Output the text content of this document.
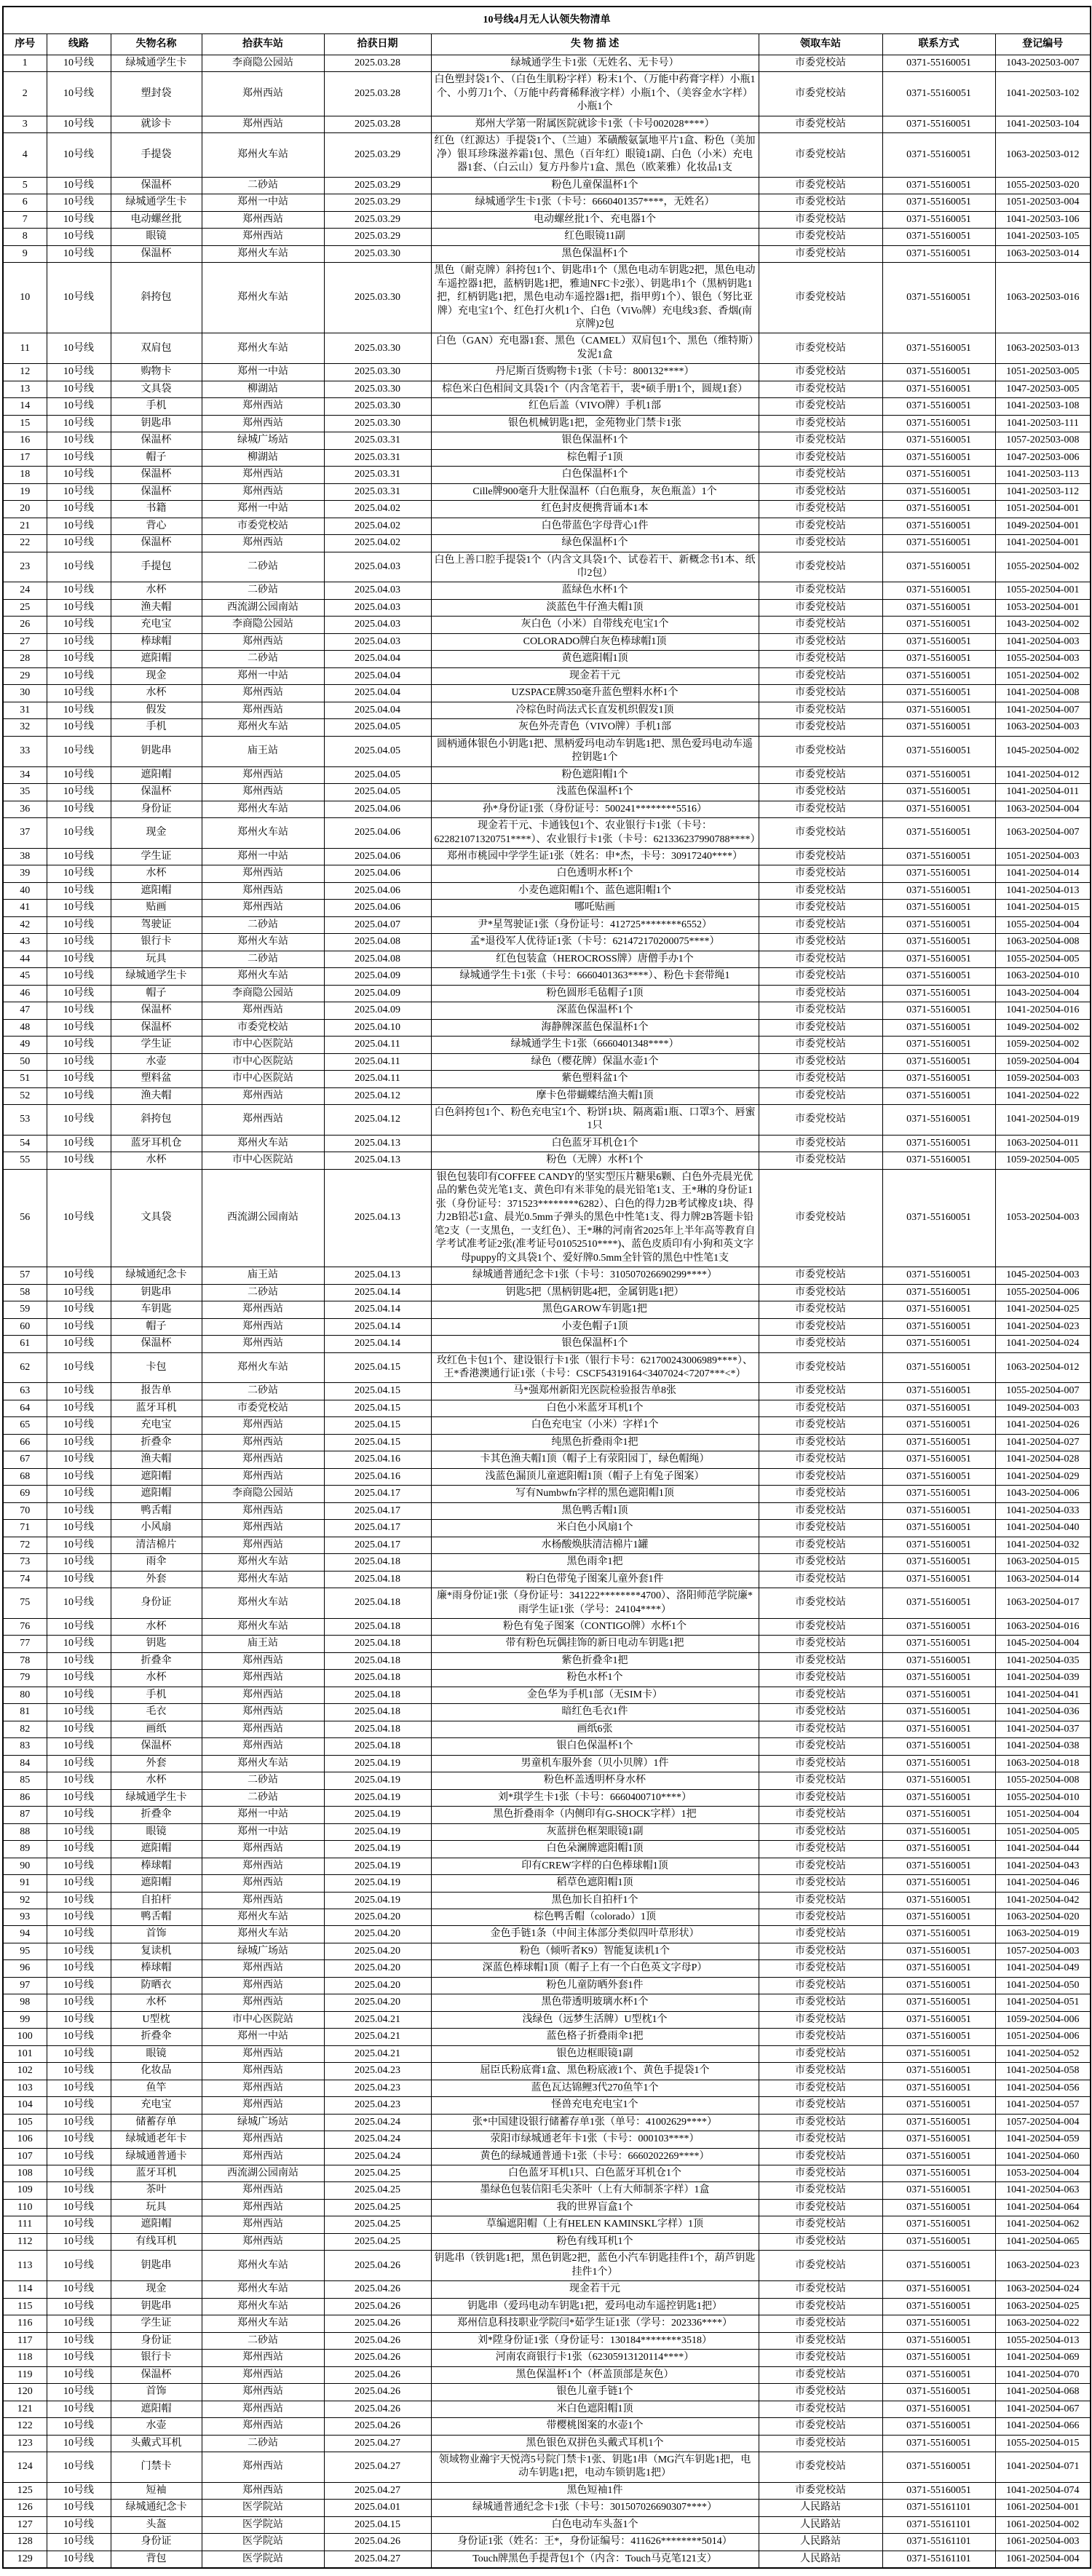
10号线4月无人认领失物清单								
序号	线路	失物名称	拾获车站	拾获日期	失 物 描 述	领取车站	联系方式	登记编号
1	10号线	绿城通学生卡	李商隐公园站	2025.03.28	绿城通学生卡1张（无姓名、无卡号）	市委党校站	0371-55160051	1043-202503-007
2	10号线	塑封袋	郑州西站	2025.03.28	白色塑封袋1个、（白色生肌粉字样）粉末1个、（万能中药膏字样）小瓶1个、小剪刀1个、（万能中药膏稀释液字样）小瓶1个、（美容金水字样）小瓶1个	市委党校站	0371-55160051	1041-202503-102
3	10号线	就诊卡	郑州西站	2025.03.28	郑州大学第一附属医院就诊卡1张（卡号002028****）	市委党校站	0371-55160051	1041-202503-104
4	10号线	手提袋	郑州火车站	2025.03.29	红色（红源达）手提袋1个、（兰迪）苯磺酸氨氯地平片1盒、粉色（美加净）银耳珍珠滋养霜1包、黑色（百年红）眼镜1副、白色（小米）充电器1套、（白云山）复方丹参片1盒、黑色（欧莱雅）化妆品1支	市委党校站	0371-55160051	1063-202503-012
5	10号线	保温杯	二砂站	2025.03.29	粉色儿童保温杯1个	市委党校站	0371-55160051	1055-202503-020
6	10号线	绿城通学生卡	郑州一中站	2025.03.29	绿城通学生卡1张（卡号：6660401357****，无姓名）	市委党校站	0371-55160051	1051-202503-004
7	10号线	电动螺丝批	郑州西站	2025.03.29	电动螺丝批1个、充电器1个	市委党校站	0371-55160051	1041-202503-106
8	10号线	眼镜	郑州西站	2025.03.29	红色眼镜11副	市委党校站	0371-55160051	1041-202503-105
9	10号线	保温杯	郑州火车站	2025.03.30	黑色保温杯1个	市委党校站	0371-55160051	1063-202503-014
10	10号线	斜挎包	郑州火车站	2025.03.30	黑色（耐克牌）斜挎包1个、钥匙串1个（黑色电动车钥匙2把，黑色电动车遥控器1把，蓝柄钥匙1把，雅迪NFC卡2张）、钥匙串1个（黑柄钥匙1把，红柄钥匙1把，黑色电动车遥控器1把，指甲剪1个）、银色（努比亚牌）充电宝1个、红色打火机1个、白色（ViVo牌）充电线3套、香烟(南京牌)2包	市委党校站	0371-55160051	1063-202503-016
11	10号线	双肩包	郑州火车站	2025.03.30	白色（GAN）充电器1套、黑色（CAMEL）双肩包1个、黑色（维特斯）发泥1盒	市委党校站	0371-55160051	1063-202503-013
12	10号线	购物卡	郑州一中站	2025.03.30	丹尼斯百货购物卡1张（卡号：800132****）	市委党校站	0371-55160051	1051-202503-005
13	10号线	文具袋	柳湖站	2025.03.30	棕色米白色相间文具袋1个（内含笔若干，裴*硕手册1个，圆规1套）	市委党校站	0371-55160051	1047-202503-005
14	10号线	手机	郑州西站	2025.03.30	红色后盖（VIVO牌）手机1部	市委党校站	0371-55160051	1041-202503-108
15	10号线	钥匙串	郑州西站	2025.03.30	银色机械钥匙1把，金苑物业门禁卡1张	市委党校站	0371-55160051	1041-202503-111
16	10号线	保温杯	绿城广场站	2025.03.31	银色保温杯1个	市委党校站	0371-55160051	1057-202503-008
17	10号线	帽子	柳湖站	2025.03.31	棕色帽子1顶	市委党校站	0371-55160051	1047-202503-006
18	10号线	保温杯	郑州西站	2025.03.31	白色保温杯1个	市委党校站	0371-55160051	1041-202503-113
19	10号线	保温杯	郑州西站	2025.03.31	Cille牌900毫升大肚保温杯（白色瓶身，灰色瓶盖）1个	市委党校站	0371-55160051	1041-202503-112
20	10号线	书籍	郑州一中站	2025.04.02	红色封皮便携背诵本1本	市委党校站	0371-55160051	1051-202504-001
21	10号线	背心	市委党校站	2025.04.02	白色带蓝色字母背心1件	市委党校站	0371-55160051	1049-202504-001
22	10号线	保温杯	郑州西站	2025.04.02	绿色保温杯1个	市委党校站	0371-55160051	1041-202504-001
23	10号线	手提包	二砂站	2025.04.03	白色上善口腔手提袋1个（内含文具袋1个、试卷若干、新概念书1本、纸巾2包）	市委党校站	0371-55160051	1055-202504-002
24	10号线	水杯	二砂站	2025.04.03	蓝绿色水杯1个	市委党校站	0371-55160051	1055-202504-001
25	10号线	渔夫帽	西流湖公园南站	2025.04.03	淡蓝色牛仔渔夫帽1顶	市委党校站	0371-55160051	1053-202504-001
26	10号线	充电宝	李商隐公园站	2025.04.03	灰白色（小米）自带线充电宝1个	市委党校站	0371-55160051	1043-202504-002
27	10号线	棒球帽	郑州西站	2025.04.03	COLORADO牌白灰色棒球帽1顶	市委党校站	0371-55160051	1041-202504-003
28	10号线	遮阳帽	二砂站	2025.04.04	黄色遮阳帽1顶	市委党校站	0371-55160051	1055-202504-003
29	10号线	现金	郑州一中站	2025.04.04	现金若干元	市委党校站	0371-55160051	1051-202504-002
30	10号线	水杯	郑州西站	2025.04.04	UZSPACE牌350毫升蓝色塑料水杯1个	市委党校站	0371-55160051	1041-202504-008
31	10号线	假发	郑州西站	2025.04.04	冷棕色时尚法式长直发机织假发1顶	市委党校站	0371-55160051	1041-202504-007
32	10号线	手机	郑州火车站	2025.04.05	灰色外壳青色（VIVO牌）手机1部	市委党校站	0371-55160051	1063-202504-003
33	10号线	钥匙串	庙王站	2025.04.05	圆柄通体银色小钥匙1把、黑柄爱玛电动车钥匙1把、黑色爱玛电动车遥控钥匙1个	市委党校站	0371-55160051	1045-202504-002
34	10号线	遮阳帽	郑州西站	2025.04.05	粉色遮阳帽1个	市委党校站	0371-55160051	1041-202504-012
35	10号线	保温杯	郑州西站	2025.04.05	浅蓝色保温杯1个	市委党校站	0371-55160051	1041-202504-011
36	10号线	身份证	郑州火车站	2025.04.06	孙*身份证1张（身份证号：500241********5516）	市委党校站	0371-55160051	1063-202504-004
37	10号线	现金	郑州火车站	2025.04.06	现金若干元、卡通钱包1个、农业银行卡1张（卡号：622821071320751****）、农业银行卡1张（卡号：621336237990788****）	市委党校站	0371-55160051	1063-202504-007
38	10号线	学生证	郑州一中站	2025.04.06	郑州市桃园中学学生证1张（姓名：申*杰，卡号：30917240****）	市委党校站	0371-55160051	1051-202504-003
39	10号线	水杯	郑州西站	2025.04.06	白色透明水杯1个	市委党校站	0371-55160051	1041-202504-014
40	10号线	遮阳帽	郑州西站	2025.04.06	小麦色遮阳帽1个、蓝色遮阳帽1个	市委党校站	0371-55160051	1041-202504-013
41	10号线	贴画	郑州西站	2025.04.06	哪吒贴画	市委党校站	0371-55160051	1041-202504-015
42	10号线	驾驶证	二砂站	2025.04.07	尹*星驾驶证1张（身份证号：412725********6552）	市委党校站	0371-55160051	1055-202504-004
43	10号线	银行卡	郑州火车站	2025.04.08	孟*退役军人优待证1张（卡号：621472170200075****）	市委党校站	0371-55160051	1063-202504-008
44	10号线	玩具	二砂站	2025.04.08	红色包装盒（HEROCROSS牌）唐僧手办1个	市委党校站	0371-55160051	1055-202504-005
45	10号线	绿城通学生卡	郑州火车站	2025.04.09	绿城通学生卡1张（卡号：6660401363****）、粉色卡套带绳1	市委党校站	0371-55160051	1063-202504-010
46	10号线	帽子	李商隐公园站	2025.04.09	粉色圆形毛毡帽子1顶	市委党校站	0371-55160051	1043-202504-004
47	10号线	保温杯	郑州西站	2025.04.09	深蓝色保温杯1个	市委党校站	0371-55160051	1041-202504-016
48	10号线	保温杯	市委党校站	2025.04.10	海静牌深蓝色保温杯1个	市委党校站	0371-55160051	1049-202504-002
49	10号线	学生证	市中心医院站	2025.04.11	绿城通学生卡1张（6660401348****）	市委党校站	0371-55160051	1059-202504-002
50	10号线	水壶	市中心医院站	2025.04.11	绿色（樱花牌）保温水壶1个	市委党校站	0371-55160051	1059-202504-004
51	10号线	塑料盆	市中心医院站	2025.04.11	紫色塑料盆1个	市委党校站	0371-55160051	1059-202504-003
52	10号线	渔夫帽	郑州西站	2025.04.12	摩卡色带蝴蝶结渔夫帽1顶	市委党校站	0371-55160051	1041-202504-022
53	10号线	斜挎包	郑州西站	2025.04.12	白色斜挎包1个、粉色充电宝1个、粉饼1块、隔离霜1瓶、口罩3个、唇蜜1只	市委党校站	0371-55160051	1041-202504-019
54	10号线	蓝牙耳机仓	郑州火车站	2025.04.13	白色蓝牙耳机仓1个	市委党校站	0371-55160051	1063-202504-011
55	10号线	水杯	市中心医院站	2025.04.13	粉色（无牌）水杯1个	市委党校站	0371-55160051	1059-202504-005
56	10号线	文具袋	西流湖公园南站	2025.04.13	银色包装印有COFFEE CANDY的坚实型压片糖果6颗、白色外壳晨光优品的紫色荧光笔1支、黄色印有米菲兔的晨光铅笔1支、王*琳的身份证1张（身份证号：371523********6282）、白色的得力2B考试橡皮1块、得力2B铅芯1盒、晨光0.5mm子弹头的黑色中性笔1支、得力牌2B答题卡铅笔2支（一支黑色，一支红色）、王*琳的河南省2025年上半年高等教育自学考试准考证2张(准考证号01052510****)、蓝色皮质印有小狗和英文字母puppy的文具袋1个、爱好牌0.5mm全针管的黑色中性笔1支	市委党校站	0371-55160051	1053-202504-003
57	10号线	绿城通纪念卡	庙王站	2025.04.13	绿城通普通纪念卡1张（卡号：310507026690299****）	市委党校站	0371-55160051	1045-202504-003
58	10号线	钥匙串	二砂站	2025.04.14	钥匙5把（黑柄钥匙4把，金属钥匙1把）	市委党校站	0371-55160051	1055-202504-006
59	10号线	车钥匙	郑州西站	2025.04.14	黑色GAROW车钥匙1把	市委党校站	0371-55160051	1041-202504-025
60	10号线	帽子	郑州西站	2025.04.14	小麦色帽子1顶	市委党校站	0371-55160051	1041-202504-023
61	10号线	保温杯	郑州西站	2025.04.14	银色保温杯1个	市委党校站	0371-55160051	1041-202504-024
62	10号线	卡包	郑州火车站	2025.04.15	玫红色卡包1个、建设银行卡1张（银行卡号：621700243006989****）、王*香港澳通行证1张（卡号：CSCF54319164<3407024<7207***<*）	市委党校站	0371-55160051	1063-202504-012
63	10号线	报告单	二砂站	2025.04.15	马*强郑州新阳光医院检验报告单8张	市委党校站	0371-55160051	1055-202504-007
64	10号线	蓝牙耳机	市委党校站	2025.04.15	白色小米蓝牙耳机1个	市委党校站	0371-55160051	1049-202504-003
65	10号线	充电宝	郑州西站	2025.04.15	白色充电宝（小米）字样1个	市委党校站	0371-55160051	1041-202504-026
66	10号线	折叠伞	郑州西站	2025.04.15	纯黑色折叠雨伞1把	市委党校站	0371-55160051	1041-202504-027
67	10号线	渔夫帽	郑州西站	2025.04.16	卡其色渔夫帽1顶（帽子上有荥阳园丁，绿色帽绳）	市委党校站	0371-55160051	1041-202504-028
68	10号线	遮阳帽	郑州西站	2025.04.16	浅蓝色漏顶儿童遮阳帽1顶（帽子上有兔子图案）	市委党校站	0371-55160051	1041-202504-029
69	10号线	遮阳帽	李商隐公园站	2025.04.17	写有Numbwfn字样的黑色遮阳帽1顶	市委党校站	0371-55160051	1043-202504-006
70	10号线	鸭舌帽	郑州西站	2025.04.17	黑色鸭舌帽1顶	市委党校站	0371-55160051	1041-202504-033
71	10号线	小风扇	郑州西站	2025.04.17	米白色小风扇1个	市委党校站	0371-55160051	1041-202504-040
72	10号线	清洁棉片	郑州西站	2025.04.17	水杨酸焕肤清洁棉片1罐	市委党校站	0371-55160051	1041-202504-032
73	10号线	雨伞	郑州火车站	2025.04.18	黑色雨伞1把	市委党校站	0371-55160051	1063-202504-015
74	10号线	外套	郑州火车站	2025.04.18	粉白色带兔子图案儿童外套1件	市委党校站	0371-55160051	1063-202504-014
75	10号线	身份证	郑州火车站	2025.04.18	廉*雨身份证1张（身份证号：341222********4700）、洛阳师范学院廉*雨学生证1张（学号：24104****）	市委党校站	0371-55160051	1063-202504-017
76	10号线	水杯	郑州火车站	2025.04.18	粉色有兔子图案（CONTIGO牌）水杯1个	市委党校站	0371-55160051	1063-202504-016
77	10号线	钥匙	庙王站	2025.04.18	带有粉色玩偶挂饰的新日电动车钥匙1把	市委党校站	0371-55160051	1045-202504-004
78	10号线	折叠伞	郑州西站	2025.04.18	紫色折叠伞1把	市委党校站	0371-55160051	1041-202504-035
79	10号线	水杯	郑州西站	2025.04.18	粉色水杯1个	市委党校站	0371-55160051	1041-202504-039
80	10号线	手机	郑州西站	2025.04.18	金色华为手机1部（无SIM卡）	市委党校站	0371-55160051	1041-202504-041
81	10号线	毛衣	郑州西站	2025.04.18	暗红色毛衣1件	市委党校站	0371-55160051	1041-202504-036
82	10号线	画纸	郑州西站	2025.04.18	画纸6张	市委党校站	0371-55160051	1041-202504-037
83	10号线	保温杯	郑州西站	2025.04.18	银白色保温杯1个	市委党校站	0371-55160051	1041-202504-038
84	10号线	外套	郑州火车站	2025.04.19	男童机车服外套（贝小贝牌）1件	市委党校站	0371-55160051	1063-202504-018
85	10号线	水杯	二砂站	2025.04.19	粉色杯盖透明杯身水杯	市委党校站	0371-55160051	1055-202504-008
86	10号线	绿城通学生卡	二砂站	2025.04.19	刘*琪学生卡1张（卡号：6660400710****）	市委党校站	0371-55160051	1055-202504-010
87	10号线	折叠伞	郑州一中站	2025.04.19	黑色折叠雨伞（内侧印有G-SHOCK字样）1把	市委党校站	0371-55160051	1051-202504-004
88	10号线	眼镜	郑州一中站	2025.04.19	灰蓝拼色框架眼镜1副	市委党校站	0371-55160051	1051-202504-005
89	10号线	遮阳帽	郑州西站	2025.04.19	白色朵澜牌遮阳帽1顶	市委党校站	0371-55160051	1041-202504-044
90	10号线	棒球帽	郑州西站	2025.04.19	印有CREW字样的白色棒球帽1顶	市委党校站	0371-55160051	1041-202504-043
91	10号线	遮阳帽	郑州西站	2025.04.19	稻草色遮阳帽1顶	市委党校站	0371-55160051	1041-202504-046
92	10号线	自拍杆	郑州西站	2025.04.19	黑色加长自拍杆1个	市委党校站	0371-55160051	1041-202504-042
93	10号线	鸭舌帽	郑州火车站	2025.04.20	棕色鸭舌帽（colorado）1顶	市委党校站	0371-55160051	1063-202504-020
94	10号线	首饰	郑州火车站	2025.04.20	金色手链1条（中间主体部分类似四叶草形状）	市委党校站	0371-55160051	1063-202504-019
95	10号线	复读机	绿城广场站	2025.04.20	粉色（倾听者K9）智能复读机1个	市委党校站	0371-55160051	1057-202504-003
96	10号线	棒球帽	郑州西站	2025.04.20	深蓝色棒球帽1顶（帽子上有一个白色英文字母P）	市委党校站	0371-55160051	1041-202504-049
97	10号线	防晒衣	郑州西站	2025.04.20	粉色儿童防晒外套1件	市委党校站	0371-55160051	1041-202504-050
98	10号线	水杯	郑州西站	2025.04.20	黑色带透明玻璃水杯1个	市委党校站	0371-55160051	1041-202504-051
99	10号线	U型枕	市中心医院站	2025.04.21	浅绿色（远梦生活牌）U型枕1个	市委党校站	0371-55160051	1059-202504-006
100	10号线	折叠伞	郑州一中站	2025.04.21	蓝色格子折叠雨伞1把	市委党校站	0371-55160051	1051-202504-006
101	10号线	眼镜	郑州西站	2025.04.21	银色边框眼镜1副	市委党校站	0371-55160051	1041-202504-052
102	10号线	化妆品	郑州西站	2025.04.23	屈臣氏粉底膏1盒、黑色粉底液1个、黄色手提袋1个	市委党校站	0371-55160051	1041-202504-058
103	10号线	鱼竿	郑州西站	2025.04.23	蓝色瓦达锦鲤3代270鱼竿1个	市委党校站	0371-55160051	1041-202504-056
104	10号线	充电宝	郑州西站	2025.04.23	怪兽充电充电宝1个	市委党校站	0371-55160051	1041-202504-057
105	10号线	储蓄存单	绿城广场站	2025.04.24	张*中国建设银行储蓄存单1张（单号：41002629****）	市委党校站	0371-55160051	1057-202504-004
106	10号线	绿城通老年卡	郑州西站	2025.04.24	荥阳市绿城通老年卡1张（卡号：000103****）	市委党校站	0371-55160051	1041-202504-059
107	10号线	绿城通普通卡	郑州西站	2025.04.24	黄色的绿城通普通卡1张（卡号：6660202269****）	市委党校站	0371-55160051	1041-202504-060
108	10号线	蓝牙耳机	西流湖公园南站	2025.04.25	白色蓝牙耳机1只、白色蓝牙耳机仓1个	市委党校站	0371-55160051	1053-202504-004
109	10号线	茶叶	郑州西站	2025.04.25	墨绿色包装信阳毛尖茶叶（上有大师制茶字样）1盒	市委党校站	0371-55160051	1041-202504-063
110	10号线	玩具	郑州西站	2025.04.25	我的世界盲盒1个	市委党校站	0371-55160051	1041-202504-064
111	10号线	遮阳帽	郑州西站	2025.04.25	草编遮阳帽（上有HELEN KAMINSKL字样）1顶	市委党校站	0371-55160051	1041-202504-062
112	10号线	有线耳机	郑州西站	2025.04.25	粉色有线耳机1个	市委党校站	0371-55160051	1041-202504-065
113	10号线	钥匙串	郑州火车站	2025.04.26	钥匙串（铁钥匙1把，黑色钥匙2把，蓝色小汽车钥匙挂件1个，葫芦钥匙挂件1个）	市委党校站	0371-55160051	1063-202504-023
114	10号线	现金	郑州火车站	2025.04.26	现金若干元	市委党校站	0371-55160051	1063-202504-024
115	10号线	钥匙串	郑州火车站	2025.04.26	钥匙串（爱玛电动车钥匙1把，爱玛电动车遥控钥匙1把）	市委党校站	0371-55160051	1063-202504-025
116	10号线	学生证	郑州火车站	2025.04.26	郑州信息科技职业学院闫*茹学生证1张（学号：202336****）	市委党校站	0371-55160051	1063-202504-022
117	10号线	身份证	二砂站	2025.04.26	刘*陞身份证1张（身份证号：130184********3518）	市委党校站	0371-55160051	1055-202504-013
118	10号线	银行卡	郑州西站	2025.04.26	河南农商银行卡1张（62305913120114****）	市委党校站	0371-55160051	1041-202504-069
119	10号线	保温杯	郑州西站	2025.04.26	黑色保温杯1个（杯盖顶部是灰色）	市委党校站	0371-55160051	1041-202504-070
120	10号线	首饰	郑州西站	2025.04.26	银色儿童手链1个	市委党校站	0371-55160051	1041-202504-068
121	10号线	遮阳帽	郑州西站	2025.04.26	米白色遮阳帽1顶	市委党校站	0371-55160051	1041-202504-067
122	10号线	水壶	郑州西站	2025.04.26	带樱桃图案的水壶1个	市委党校站	0371-55160051	1041-202504-066
123	10号线	头戴式耳机	二砂站	2025.04.27	黑色银色双拼色头戴式耳机1个	市委党校站	0371-55160051	1055-202504-015
124	10号线	门禁卡	郑州西站	2025.04.27	领域物业瀚宇天悦湾5号院门禁卡1张、钥匙1串（MG汽车钥匙1把，电动车钥匙1把，电动车锁钥匙1把）	市委党校站	0371-55160051	1041-202504-071
125	10号线	短袖	郑州西站	2025.04.27	黑色短袖1件	市委党校站	0371-55160051	1041-202504-074
126	10号线	绿城通纪念卡	医学院站	2025.04.01	绿城通普通纪念卡1张（卡号：301507026690307****）	人民路站	0371-55161101	1061-202504-001
127	10号线	头盔	医学院站	2025.04.15	白色电动车头盔1个	人民路站	0371-55161101	1061-202504-002
128	10号线	身份证	医学院站	2025.04.26	身份证1张（姓名：王*，身份证编号：411626********5014）	人民路站	0371-55161101	1061-202504-003
129	10号线	背包	医学院站	2025.04.27	Touch牌黑色手提背包1个（内含：Touch马克笔121支）	人民路站	0371-55161101	1061-202504-004
